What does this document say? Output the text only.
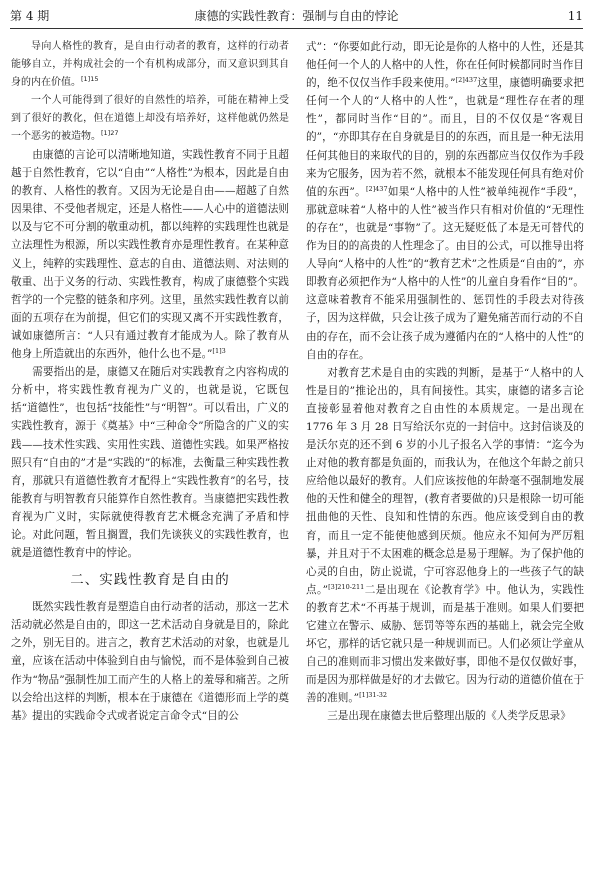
第 4 期	康德的实践性教育：强制与自由的悖论	11

导向人格性的教育，是自由行动者的教育，这样的行动者能够自立，并构成社会的一个有机构成部分，而又意识到其自身的内在价值。$^{[1]15}$

一个人可能得到了很好的自然性的培养，可能在精神上受到了很好的教化，但在道德上却没有培养好，这样他就仍然是一个恶劣的被造物。$^{[1]27}$

由康德的言论可以清晰地知道，实践性教育不同于且超越于自然性教育，它以“自由”“人格性”为根本，因此是自由的教育、人格性的教育。又因为无论是自由——超越了自然因果律、不受他者规定，还是人格性——人心中的道德法则以及与它不可分割的敬重动机，都以纯粹的实践理性也就是立法理性为根源，所以实践性教育亦是理性教育。在某种意义上，纯粹的实践理性、意志的自由、道德法则、对法则的敬重、出于义务的行动、实践性教育，构成了康德整个实践哲学的一个完整的链条和序列。这里，虽然实践性教育以前面的五项存在为前提，但它们的实现又离不开实践性教育，诚如康德所言：“人只有通过教育才能成为人。除了教育从他身上所造就出的东西外，他什么也不是。”$^{[1]3}$

需要指出的是，康德又在随后对实践教育之内容构成的分析中，将实践性教育视为广义的，也就是说，它既包括“道德性”，也包括“技能性”与“明智”。可以看出，广义的实践性教育，源于《奠基》中“三种命令”所隐含的广义的实践——技术性实践、实用性实践、道德性实践。如果严格按照只有“自由的”才是“实践的”的标准，去衡量三种实践性教育，那就只有道德性教育才配得上“实践性教育”的名号，技能教育与明智教育只能算作自然性教育。当康德把实践性教育视为广义时，实际就使得教育艺术概念充满了矛盾和悖论。对此问题，暂且搁置，我们先谈狭义的实践性教育，也就是道德性教育中的悖论。

二、实践性教育是自由的

既然实践性教育是塑造自由行动者的活动，那这一艺术活动就必然是自由的，即这一艺术活动自身就是目的，除此之外，别无目的。进言之，教育艺术活动的对象，也就是儿童，应该在活动中体验到自由与愉悦，而不是体验到自己被作为“物品”强制性加工而产生的人格上的羞辱和痛苦。之所以会给出这样的判断，根本在于康德在《道德形而上学的奠基》提出的实践命令式或者说定言命令式“目的公

式”：“你要如此行动，即无论是你的人格中的人性，还是其他任何一个人的人格中的人性，你在任何时候都同时当作目的，绝不仅仅当作手段来使用。”$^{[2]437}$这里，康德明确要求把任何一个人的“人格中的人性”，也就是“理性存在者的理性”，都同时当作“目的”。而且，目的不仅仅是“客观目的”，“亦即其存在自身就是目的的东西，而且是一种无法用任何其他目的来取代的目的，别的东西都应当仅仅作为手段来为它服务，因为若不然，就根本不能发现任何具有绝对价值的东西”。$^{[2]437}$如果“人格中的人性”被单纯视作“手段”，那就意味着“人格中的人性”被当作只有相对价值的“无理性的存在”，也就是“事物”了。这无疑贬低了本是无可替代的作为目的的高贵的人性理念了。由目的公式，可以推导出将人导向“人格中的人性”的“教育艺术”之性质是“自由的”，亦即教育必须把作为“人格中的人性”的儿童自身看作“目的”。这意味着教育不能采用强制性的、惩罚性的手段去对待孩子，因为这样做，只会让孩子成为了避免痛苦而行动的不自由的存在，而不会让孩子成为遵循内在的“人格中的人性”的自由的存在。

对教育艺术是自由的实践的判断，是基于“人格中的人性是目的”推论出的，具有间接性。其实，康德的诸多言论直接彰显着他对教育之自由性的本质规定。一是出现在 1776 年 3 月 28 日写给沃尔克的一封信中。这封信谈及的是沃尔克的还不到 6 岁的小儿子报名入学的事情：“迄今为止对他的教育都是负面的，而我认为，在他这个年龄之前只应给他以最好的教育。人们应该按他的年龄毫不强制地发展他的天性和健全的理智，(教育者要做的)只是根除一切可能扭曲他的天性、良知和性情的东西。他应该受到自由的教育，而且一定不能使他感到厌烦。他应永不知何为严厉粗暴，并且对于不太困难的概念总是易于理解。为了保护他的心灵的自由，防止说谎，宁可容忍他身上的一些孩子气的缺点。”$^{[3]210-211}$二是出现在《论教育学》中。他认为，实践性的教育艺术“不再基于规训，而是基于准则。如果人们要把它建立在警示、威胁、惩罚等等东西的基础上，就会完全败坏它，那样的话它就只是一种规训而已。人们必须让学童从自己的准则而非习惯出发来做好事，即他不是仅仅做好事，而是因为那样做是好的才去做它。因为行动的道德价值在于善的准则。”$^{[1]31-32}$

三是出现在康德去世后整理出版的《人类学反思录》
